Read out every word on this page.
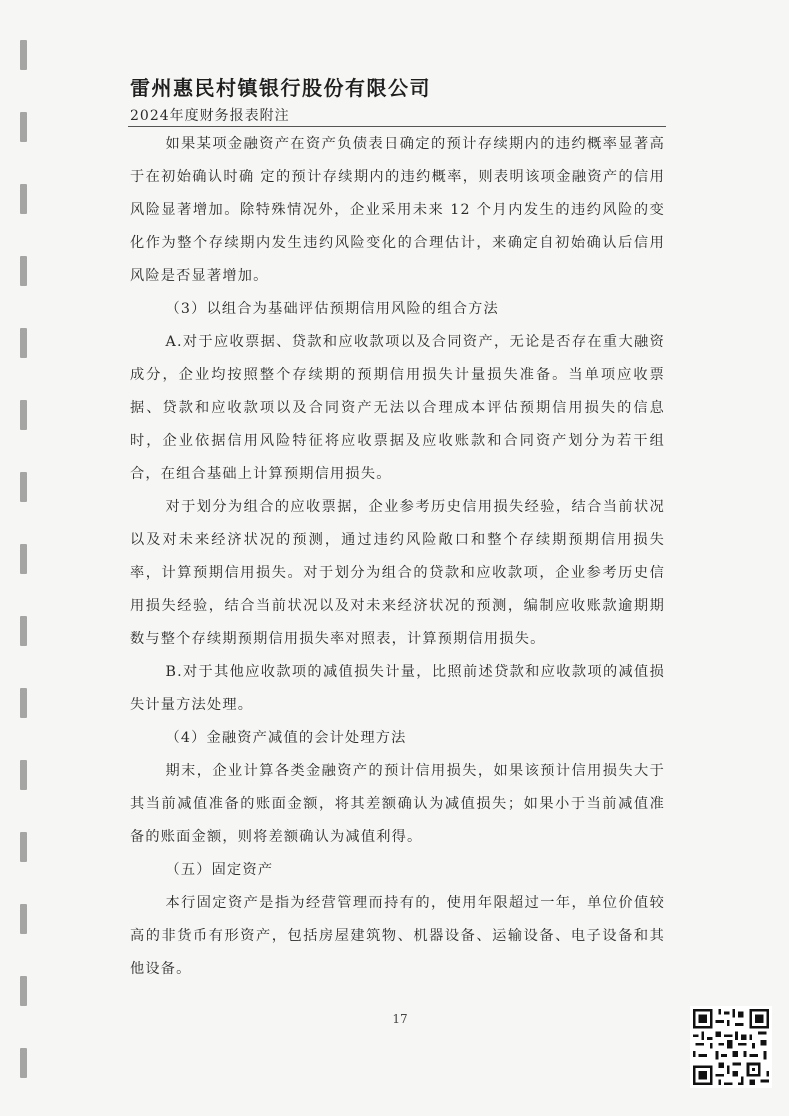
雷州惠民村镇银行股份有限公司
2024年度财务报表附注

如果某项金融资产在资产负债表日确定的预计存续期内的违约概率显著高于在初始确认时确 定的预计存续期内的违约概率，则表明该项金融资产的信用风险显著增加。除特殊情况外，企业采用未来 12 个月内发生的违约风险的变化作为整个存续期内发生违约风险变化的合理估计，来确定自初始确认后信用风险是否显著增加。

（3）以组合为基础评估预期信用风险的组合方法

A.对于应收票据、贷款和应收款项以及合同资产，无论是否存在重大融资成分，企业均按照整个存续期的预期信用损失计量损失准备。当单项应收票据、贷款和应收款项以及合同资产无法以合理成本评估预期信用损失的信息时，企业依据信用风险特征将应收票据及应收账款和合同资产划分为若干组合，在组合基础上计算预期信用损失。

对于划分为组合的应收票据，企业参考历史信用损失经验，结合当前状况以及对未来经济状况的预测，通过违约风险敞口和整个存续期预期信用损失率，计算预期信用损失。对于划分为组合的贷款和应收款项，企业参考历史信用损失经验，结合当前状况以及对未来经济状况的预测，编制应收账款逾期期数与整个存续期预期信用损失率对照表，计算预期信用损失。

B.对于其他应收款项的减值损失计量，比照前述贷款和应收款项的减值损失计量方法处理。

（4）金融资产减值的会计处理方法

期末，企业计算各类金融资产的预计信用损失，如果该预计信用损失大于其当前减值准备的账面金额，将其差额确认为减值损失；如果小于当前减值准备的账面金额，则将差额确认为减值利得。

（五）固定资产

本行固定资产是指为经营管理而持有的，使用年限超过一年，单位价值较高的非货币有形资产，包括房屋建筑物、机器设备、运输设备、电子设备和其他设备。

17
